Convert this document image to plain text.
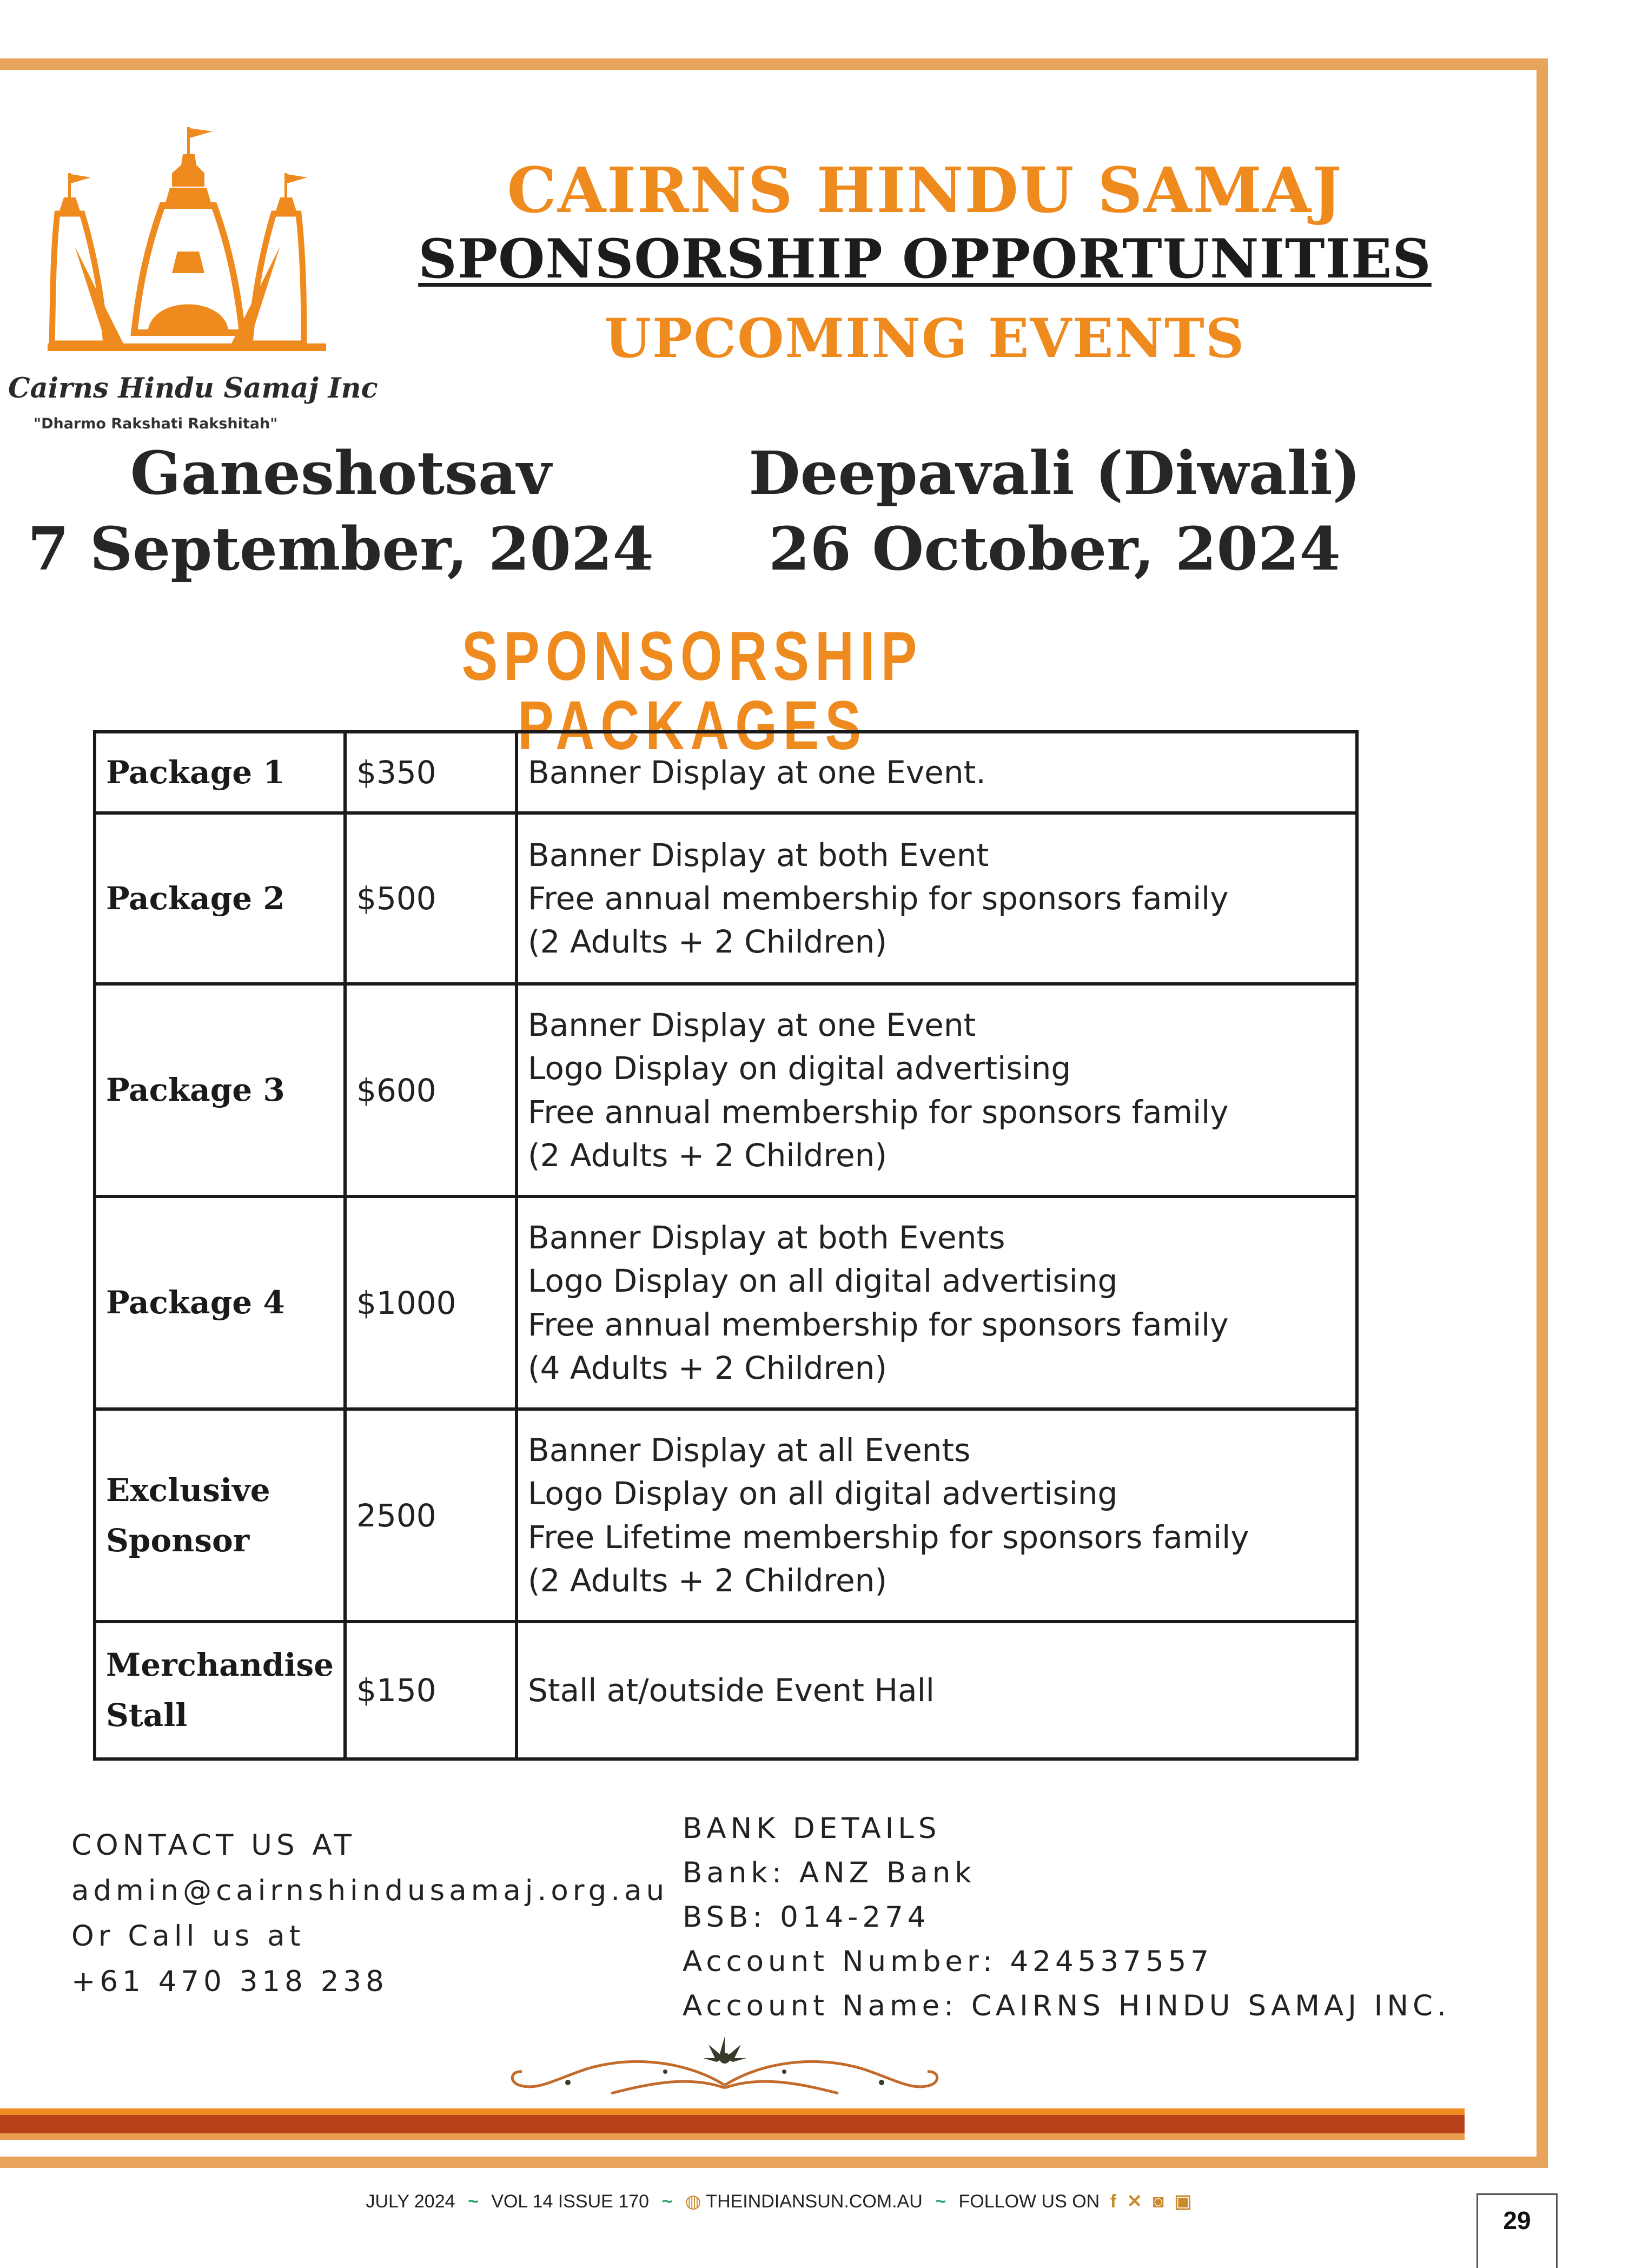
Cairns Hindu Samaj Inc
"Dharmo Rakshati Rakshitah"
CAIRNS HINDU SAMAJ
SPONSORSHIP OPPORTUNITIES
UPCOMING EVENTS
Ganeshotsav
7 September, 2024
Deepavali (Diwali)
26 October, 2024
SPONSORSHIP PACKAGES
Package 1	$350	Banner Display at one Event.

Package 2	$500	Banner Display at both Event
Free annual membership for sponsors family
(2 Adults + 2 Children)

Package 3	$600	Banner Display at one Event
Logo Display on digital advertising
Free annual membership for sponsors family
(2 Adults + 2 Children)

Package 4	$1000	Banner Display at both Events
Logo Display on all digital advertising
Free annual membership for sponsors family
(4 Adults + 2 Children)

Exclusive Sponsor	2500	Banner Display at all Events
Logo Display on all digital advertising
Free Lifetime membership for sponsors family
(2 Adults + 2 Children)

Merchandise Stall	$150	Stall at/outside Event Hall
CONTACT US AT
admin@cairnshindusamaj.org.au
Or Call us at
+61 470 318 238
BANK DETAILS
Bank: ANZ Bank
BSB: 014-274
Account Number: 424537557
Account Name: CAIRNS HINDU SAMAJ INC.
JULY 2024 ~ VOL 14 ISSUE 170 ~ ◍ THEINDIANSUN.COM.AU ~ FOLLOW US ON f ✕ ◙ ▣
29
